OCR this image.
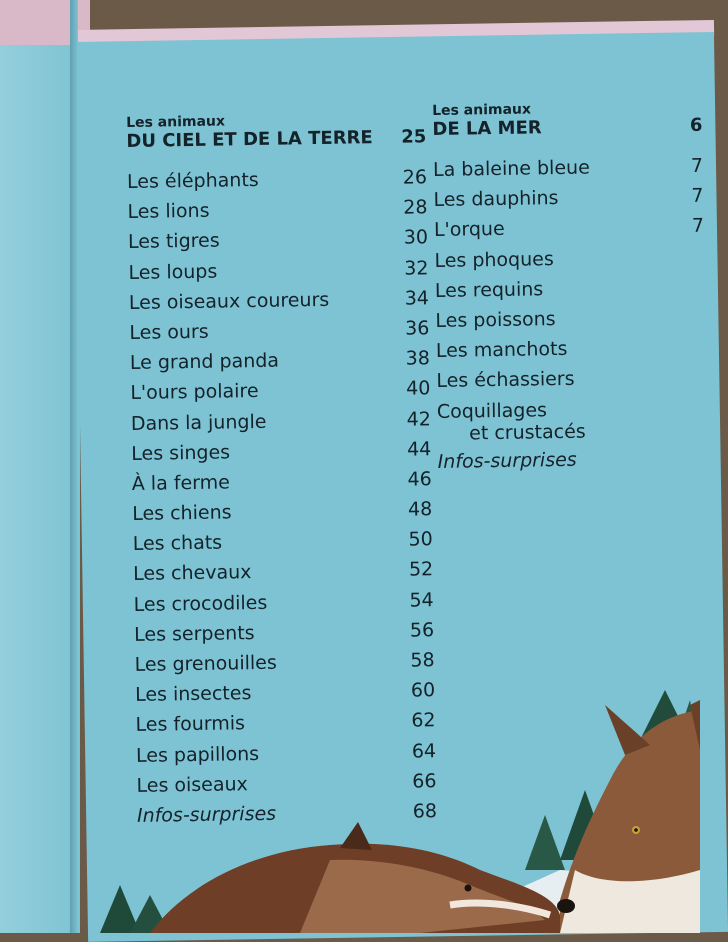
Les animaux
DU CIEL ET DE LA TERRE 25
Les éléphants	26
Les lions	28
Les tigres	30
Les loups	32
Les oiseaux coureurs	34
Les ours	36
Le grand panda	38
L'ours polaire	40
Dans la jungle	42
Les singes	44
À la ferme	46
Les chiens	48
Les chats	50
Les chevaux	52
Les crocodiles	54
Les serpents	56
Les grenouilles	58
Les insectes	60
Les fourmis	62
Les papillons	64
Les oiseaux	66
Infos-surprises	68
Les animaux
DE LA MER	6
La baleine bleue	7
Les dauphins	7
L'orque	7
Les phoques
Les requins
Les poissons
Les manchots
Les échassiers
Coquillages
et crustacés
Infos-surprises
